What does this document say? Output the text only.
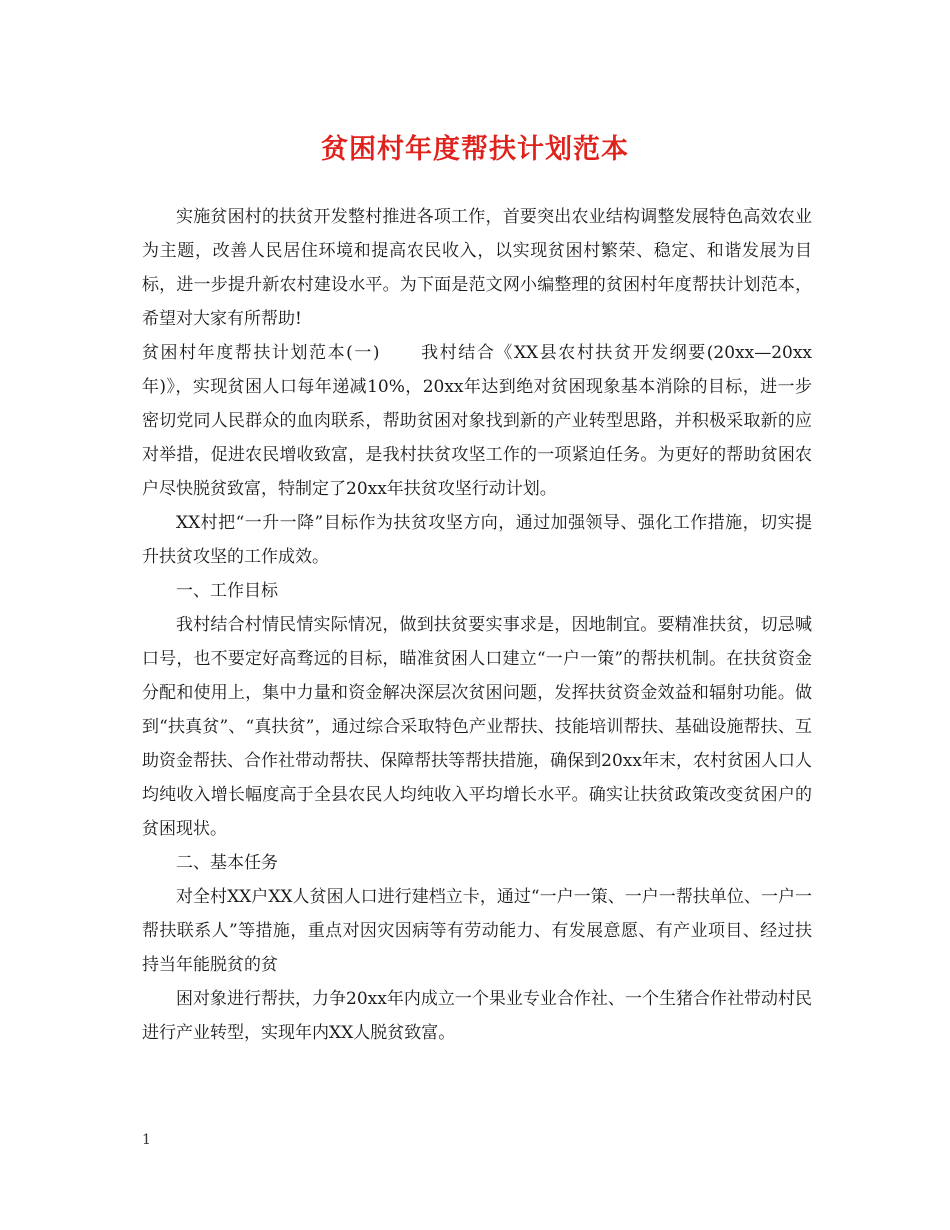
贫困村年度帮扶计划范本

实施贫困村的扶贫开发整村推进各项工作，首要突出农业结构调整发展特色高效农业为主题，改善人民居住环境和提高农民收入，以实现贫困村繁荣、稳定、和谐发展为目标，进一步提升新农村建设水平。为下面是范文网小编整理的贫困村年度帮扶计划范本，希望对大家有所帮助!

贫困村年度帮扶计划范本(一) 我村结合《XX县农村扶贫开发纲要(20xx—20xx年)》，实现贫困人口每年递减10%，20xx年达到绝对贫困现象基本消除的目标，进一步密切党同人民群众的血肉联系，帮助贫困对象找到新的产业转型思路，并积极采取新的应对举措，促进农民增收致富，是我村扶贫攻坚工作的一项紧迫任务。为更好的帮助贫困农户尽快脱贫致富，特制定了20xx年扶贫攻坚行动计划。

XX村把“一升一降”目标作为扶贫攻坚方向，通过加强领导、强化工作措施，切实提升扶贫攻坚的工作成效。

一、工作目标

我村结合村情民情实际情况，做到扶贫要实事求是，因地制宜。要精准扶贫，切忌喊口号，也不要定好高骛远的目标，瞄准贫困人口建立“一户一策”的帮扶机制。在扶贫资金分配和使用上，集中力量和资金解决深层次贫困问题，发挥扶贫资金效益和辐射功能。做到“扶真贫”、“真扶贫”，通过综合采取特色产业帮扶、技能培训帮扶、基础设施帮扶、互助资金帮扶、合作社带动帮扶、保障帮扶等帮扶措施，确保到20xx年末，农村贫困人口人均纯收入增长幅度高于全县农民人均纯收入平均增长水平。确实让扶贫政策改变贫困户的贫困现状。

二、基本任务

对全村XX户XX人贫困人口进行建档立卡，通过“一户一策、一户一帮扶单位、一户一帮扶联系人”等措施，重点对因灾因病等有劳动能力、有发展意愿、有产业项目、经过扶持当年能脱贫的贫

困对象进行帮扶，力争20xx年内成立一个果业专业合作社、一个生猪合作社带动村民进行产业转型，实现年内XX人脱贫致富。

1
